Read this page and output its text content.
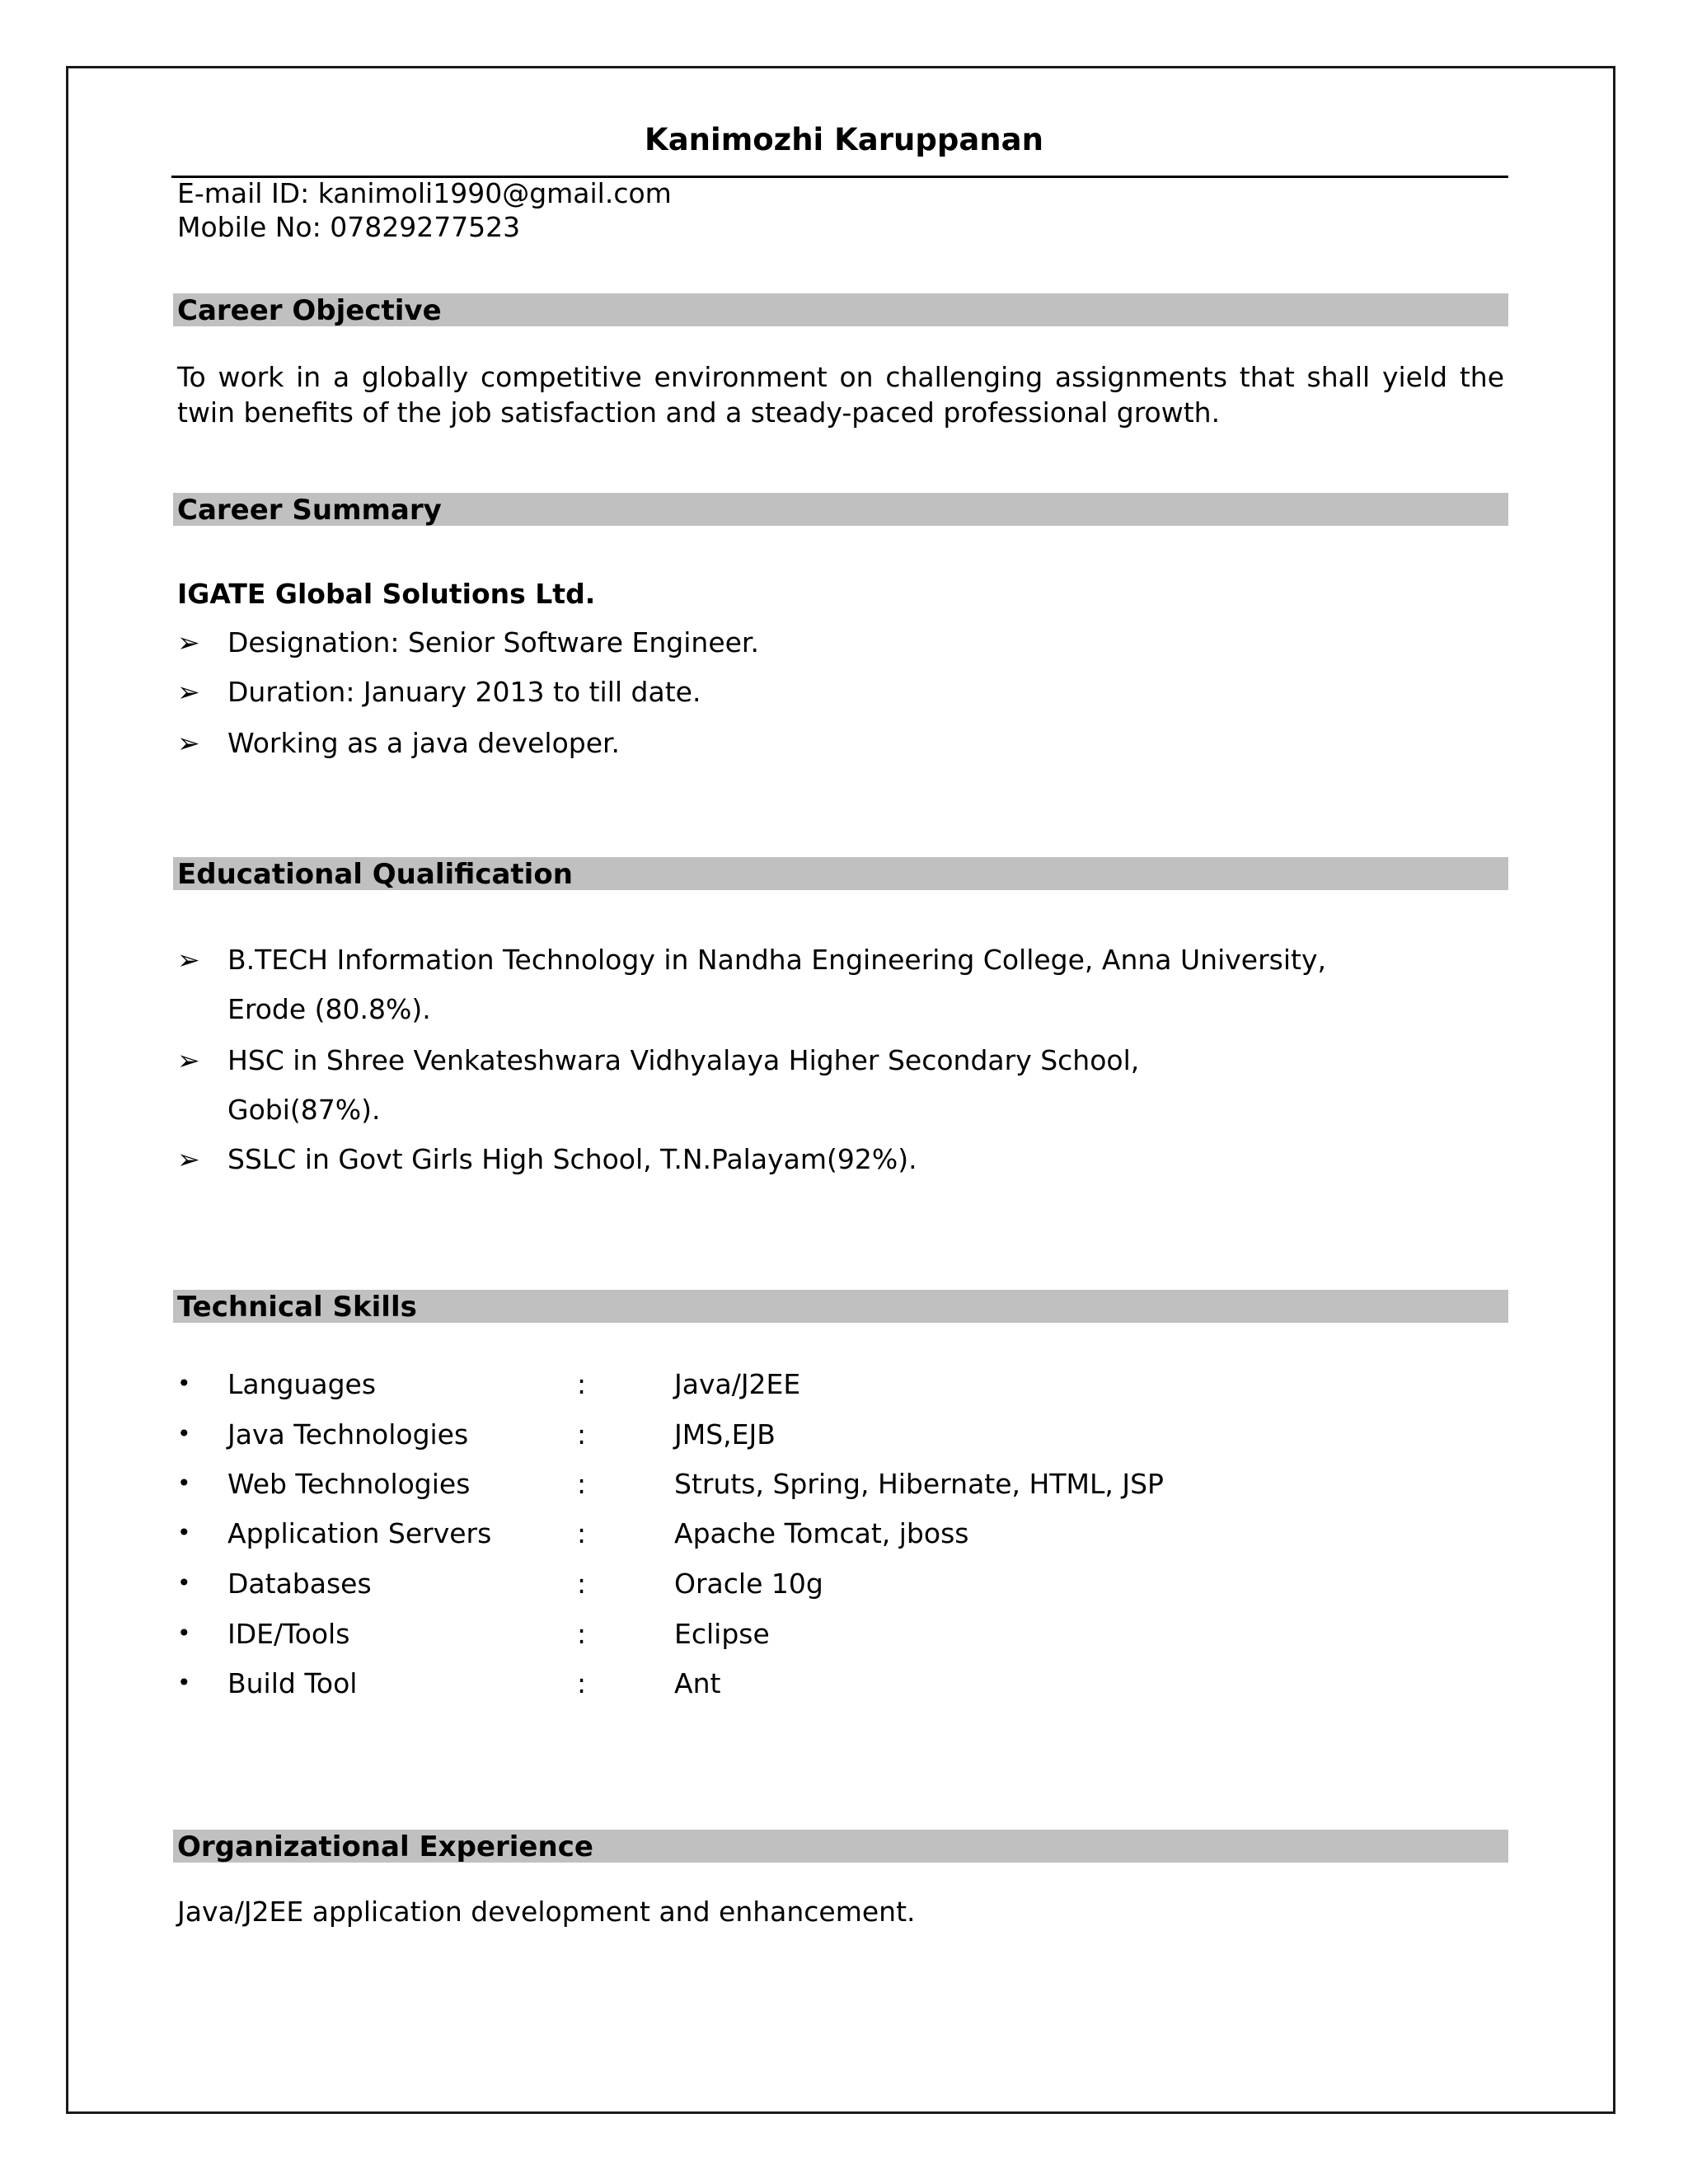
Kanimozhi Karuppanan
E-mail ID: kanimoli1990@gmail.com
Mobile No: 07829277523
Career Objective
To work in a globally competitive environment on challenging assignments that shall yield the twin benefits of the job satisfaction and a steady-paced professional growth.
Career Summary
IGATE Global Solutions Ltd.
➢ Designation: Senior Software Engineer.
➢ Duration: January 2013 to till date.
➢ Working as a java developer.
Educational Qualification
➢ B.TECH Information Technology in Nandha Engineering College, Anna University,
Erode (80.8%).
➢ HSC in Shree Venkateshwara Vidhyalaya Higher Secondary School,
Gobi(87%).
➢ SSLC in Govt Girls High School, T.N.Palayam(92%).
Technical Skills
• Languages	:	Java/J2EE
• Java Technologies	:	JMS,EJB
• Web Technologies	:	Struts, Spring, Hibernate, HTML, JSP
• Application Servers	:	Apache Tomcat, jboss
• Databases	:	Oracle 10g
• IDE/Tools	:	Eclipse
• Build Tool	:	Ant
Organizational Experience
Java/J2EE application development and enhancement.
